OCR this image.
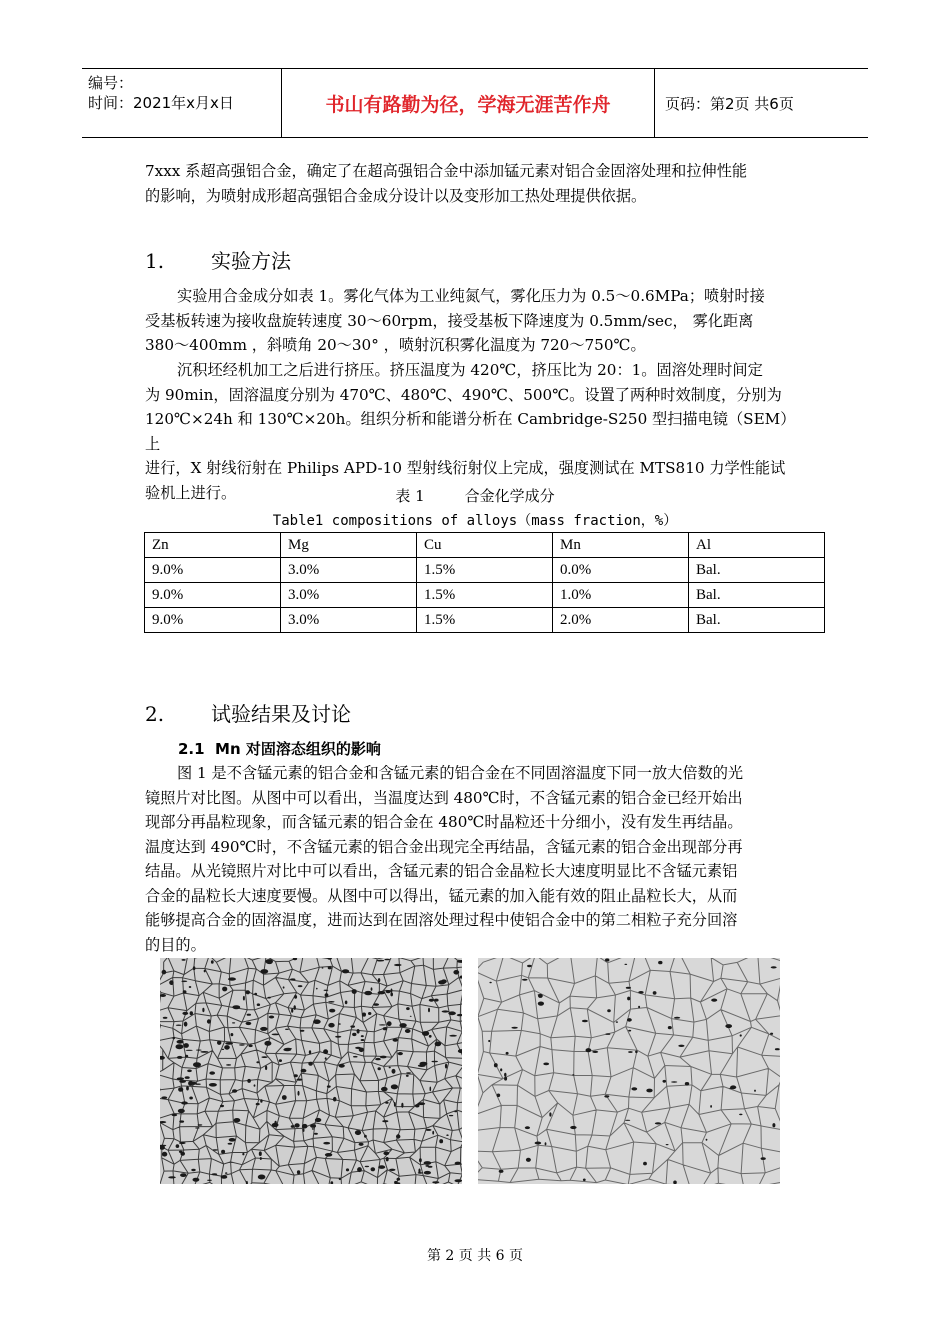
编号：
时间：2021年x月x日	书山有路勤为径，学海无涯苦作舟	页码：第2页 共6页
7xxx 系超高强铝合金，确定了在超高强铝合金中添加锰元素对铝合金固溶处理和拉伸性能
的影响，为喷射成形超高强铝合金成分设计以及变形加工热处理提供依据。
1. 实验方法
实验用合金成分如表 1。雾化气体为工业纯氮气，雾化压力为 0.5～0.6MPa；喷射时接
受基板转速为接收盘旋转速度 30～60rpm，接受基板下降速度为 0.5mm/sec， 雾化距离
380～400mm ，斜喷角 20～30° ，喷射沉积雾化温度为 720～750℃。
沉积坯经机加工之后进行挤压。挤压温度为 420℃，挤压比为 20：1。固溶处理时间定
为 90min，固溶温度分别为 470℃、480℃、490℃、500℃。设置了两种时效制度，分别为
120℃×24h 和 130℃×20h。组织分析和能谱分析在 Cambridge-S250 型扫描电镜（SEM）上
进行，X 射线衍射在 Philips APD-10 型射线衍射仪上完成，强度测试在 MTS810 力学性能试
验机上进行。	表 1	合金化学成分
Table1 compositions of alloys（mass fraction，%）
Zn	Mg	Cu	Mn	Al
9.0%	3.0%	1.5%	0.0%	Bal.
9.0%	3.0%	1.5%	1.0%	Bal.
9.0%	3.0%	1.5%	2.0%	Bal.
2. 试验结果及讨论
2.1 Mn 对固溶态组织的影响
图 1 是不含锰元素的铝合金和含锰元素的铝合金在不同固溶温度下同一放大倍数的光
镜照片对比图。从图中可以看出，当温度达到 480℃时，不含锰元素的铝合金已经开始出
现部分再晶粒现象，而含锰元素的铝合金在 480℃时晶粒还十分细小，没有发生再结晶。
温度达到 490℃时，不含锰元素的铝合金出现完全再结晶，含锰元素的铝合金出现部分再
结晶。从光镜照片对比中可以看出，含锰元素的铝合金晶粒长大速度明显比不含锰元素铝
合金的晶粒长大速度要慢。从图中可以得出，锰元素的加入能有效的阻止晶粒长大，从而
能够提高合金的固溶温度，进而达到在固溶处理过程中使铝合金中的第二相粒子充分回溶
的目的。
第 2 页 共 6 页
